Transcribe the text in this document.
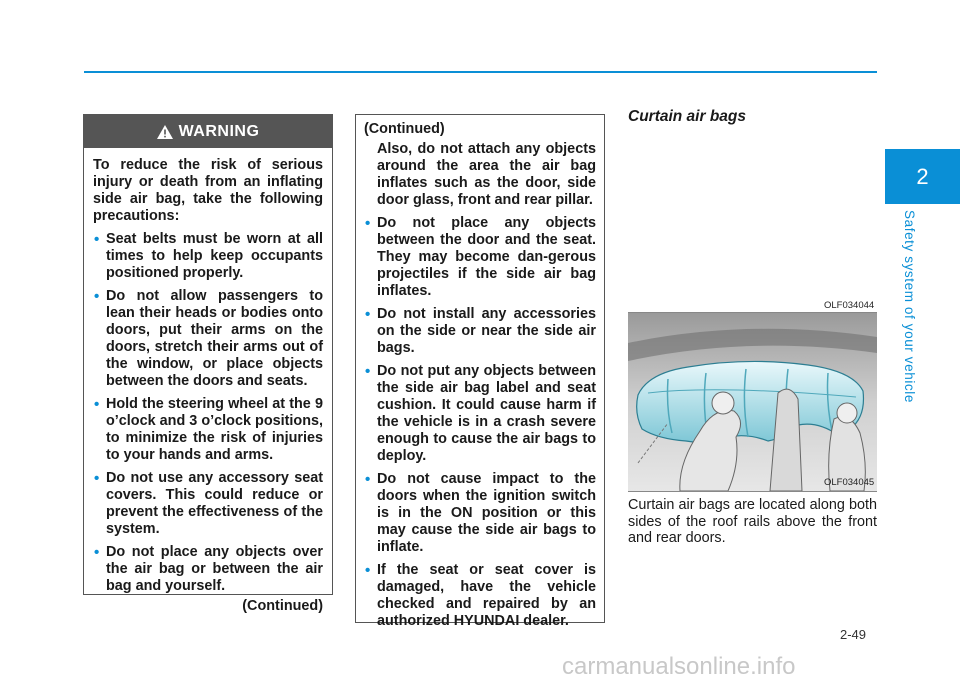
WARNING

To reduce the risk of serious injury or death from an inflating side air bag, take the following precautions:

• Seat belts must be worn at all times to help keep occupants positioned properly.
• Do not allow passengers to lean their heads or bodies onto doors, put their arms on the doors, stretch their arms out of the window, or place objects between the doors and seats.
• Hold the steering wheel at the 9 o’clock and 3 o’clock positions, to minimize the risk of injuries to your hands and arms.
• Do not use any accessory seat covers. This could reduce or prevent the effectiveness of the system.
• Do not place any objects over the air bag or between the air bag and yourself.
(Continued)

(Continued)

Also, do not attach any objects around the area the air bag inflates such as the door, side door glass, front and rear pillar.

• Do not place any objects between the door and the seat. They may become dan-gerous projectiles if the side air bag inflates.
• Do not install any accessories on the side or near the side air bags.
• Do not put any objects between the side air bag label and seat cushion. It could cause harm if the vehicle is in a crash severe enough to cause the air bags to deploy.
• Do not cause impact to the doors when the ignition switch is in the ON position or this may cause the side air bags to inflate.
• If the seat or seat cover is damaged, have the vehicle checked and repaired by an authorized HYUNDAI dealer.
Curtain air bags
OLF034044
OLF034045
Curtain air bags are located along both sides of the roof rails above the front and rear doors.
2
Safety system of your vehicle
2-49
carmanualsonline.info
